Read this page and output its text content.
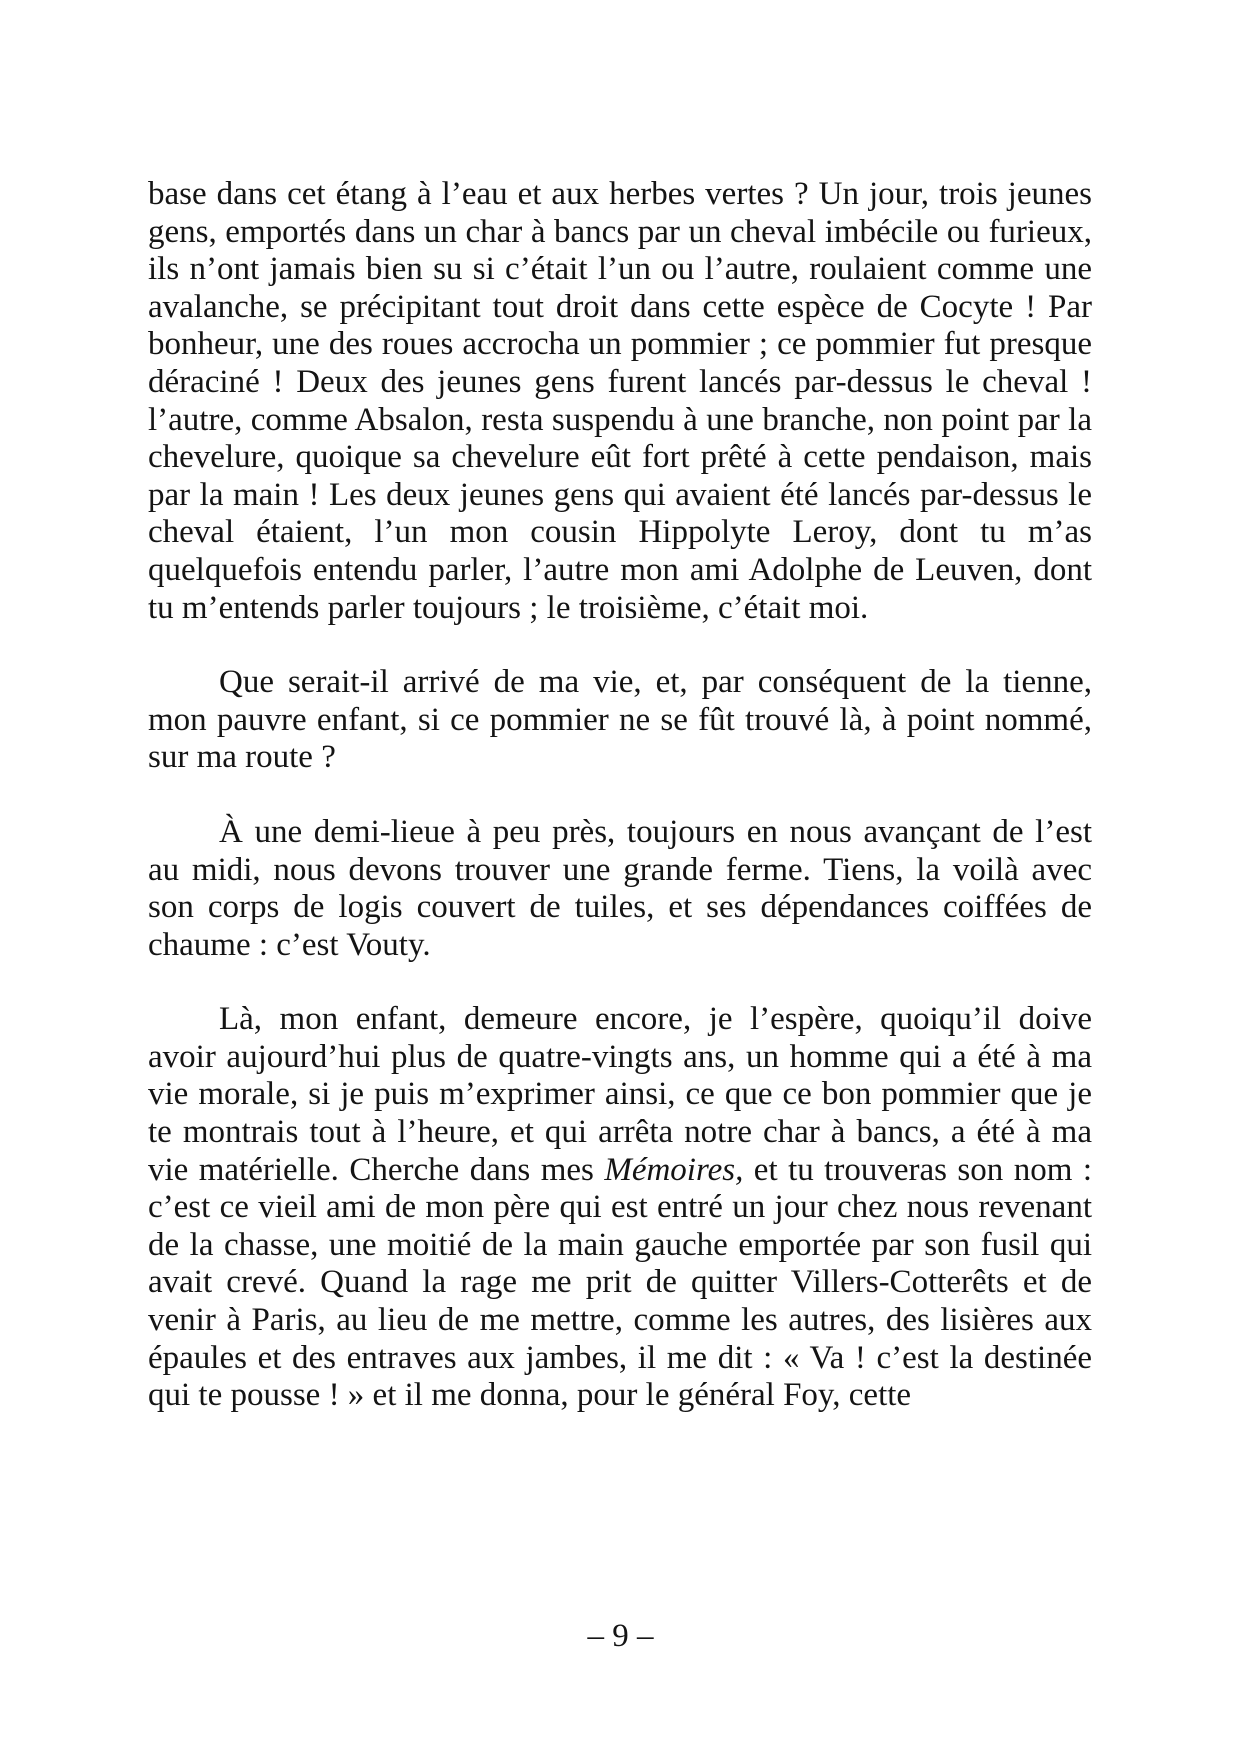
base dans cet étang à l’eau et aux herbes vertes ? Un jour, trois jeunes gens, emportés dans un char à bancs par un cheval imbécile ou furieux, ils n’ont jamais bien su si c’était l’un ou l’autre, roulaient comme une avalanche, se précipitant tout droit dans cette espèce de Cocyte ! Par bonheur, une des roues accrocha un pommier ; ce pommier fut presque déraciné ! Deux des jeunes gens furent lancés par-dessus le cheval ! l’autre, comme Absalon, resta suspendu à une branche, non point par la chevelure, quoique sa chevelure eût fort prêté à cette pendaison, mais par la main ! Les deux jeunes gens qui avaient été lancés par-dessus le cheval étaient, l’un mon cousin Hippolyte Leroy, dont tu m’as quelquefois entendu parler, l’autre mon ami Adolphe de Leuven, dont tu m’entends parler toujours ; le troisième, c’était moi.

Que serait-il arrivé de ma vie, et, par conséquent de la tienne, mon pauvre enfant, si ce pommier ne se fût trouvé là, à point nommé, sur ma route ?

À une demi-lieue à peu près, toujours en nous avançant de l’est au midi, nous devons trouver une grande ferme. Tiens, la voilà avec son corps de logis couvert de tuiles, et ses dépendances coiffées de chaume : c’est Vouty.

Là, mon enfant, demeure encore, je l’espère, quoiqu’il doive avoir aujourd’hui plus de quatre-vingts ans, un homme qui a été à ma vie morale, si je puis m’exprimer ainsi, ce que ce bon pommier que je te montrais tout à l’heure, et qui arrêta notre char à bancs, a été à ma vie matérielle. Cherche dans mes Mémoires, et tu trouveras son nom : c’est ce vieil ami de mon père qui est entré un jour chez nous revenant de la chasse, une moitié de la main gauche emportée par son fusil qui avait crevé. Quand la rage me prit de quitter Villers-Cotterêts et de venir à Paris, au lieu de me mettre, comme les autres, des lisières aux épaules et des entraves aux jambes, il me dit : « Va ! c’est la destinée qui te pousse ! » et il me donna, pour le général Foy, cette

– 9 –
